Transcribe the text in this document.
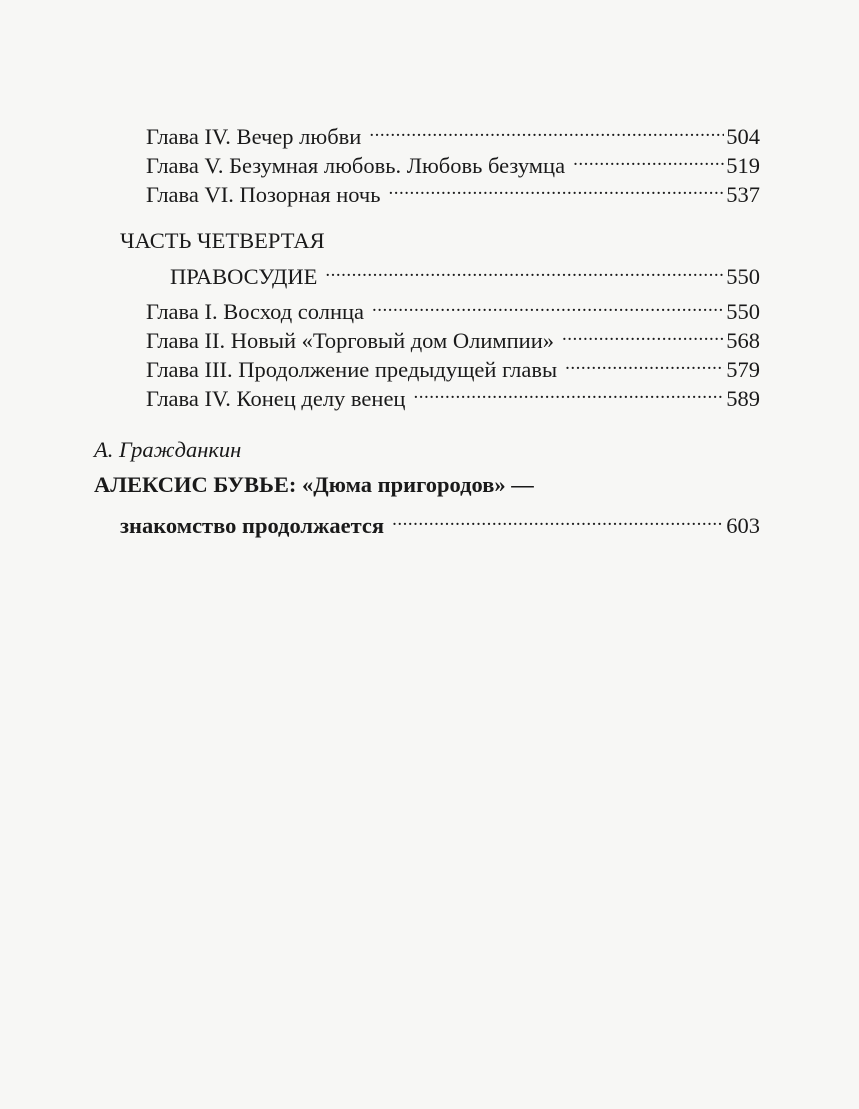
Глава IV. Вечер любви .....	504
Глава V. Безумная любовь. Любовь безумца .....	519
Глава VI. Позорная ночь .....	537
ЧАСТЬ ЧЕТВЕРТАЯ
ПРАВОСУДИЕ .....	550
Глава I. Восход солнца .....	550
Глава II. Новый «Торговый дом Олимпии» .....	568
Глава III. Продолжение предыдущей главы .....	579
Глава IV. Конец делу венец .....	589
А. Гражданкин
АЛЕКСИС БУВЬЕ: «Дюма пригородов» —
знакомство продолжается .....	603
